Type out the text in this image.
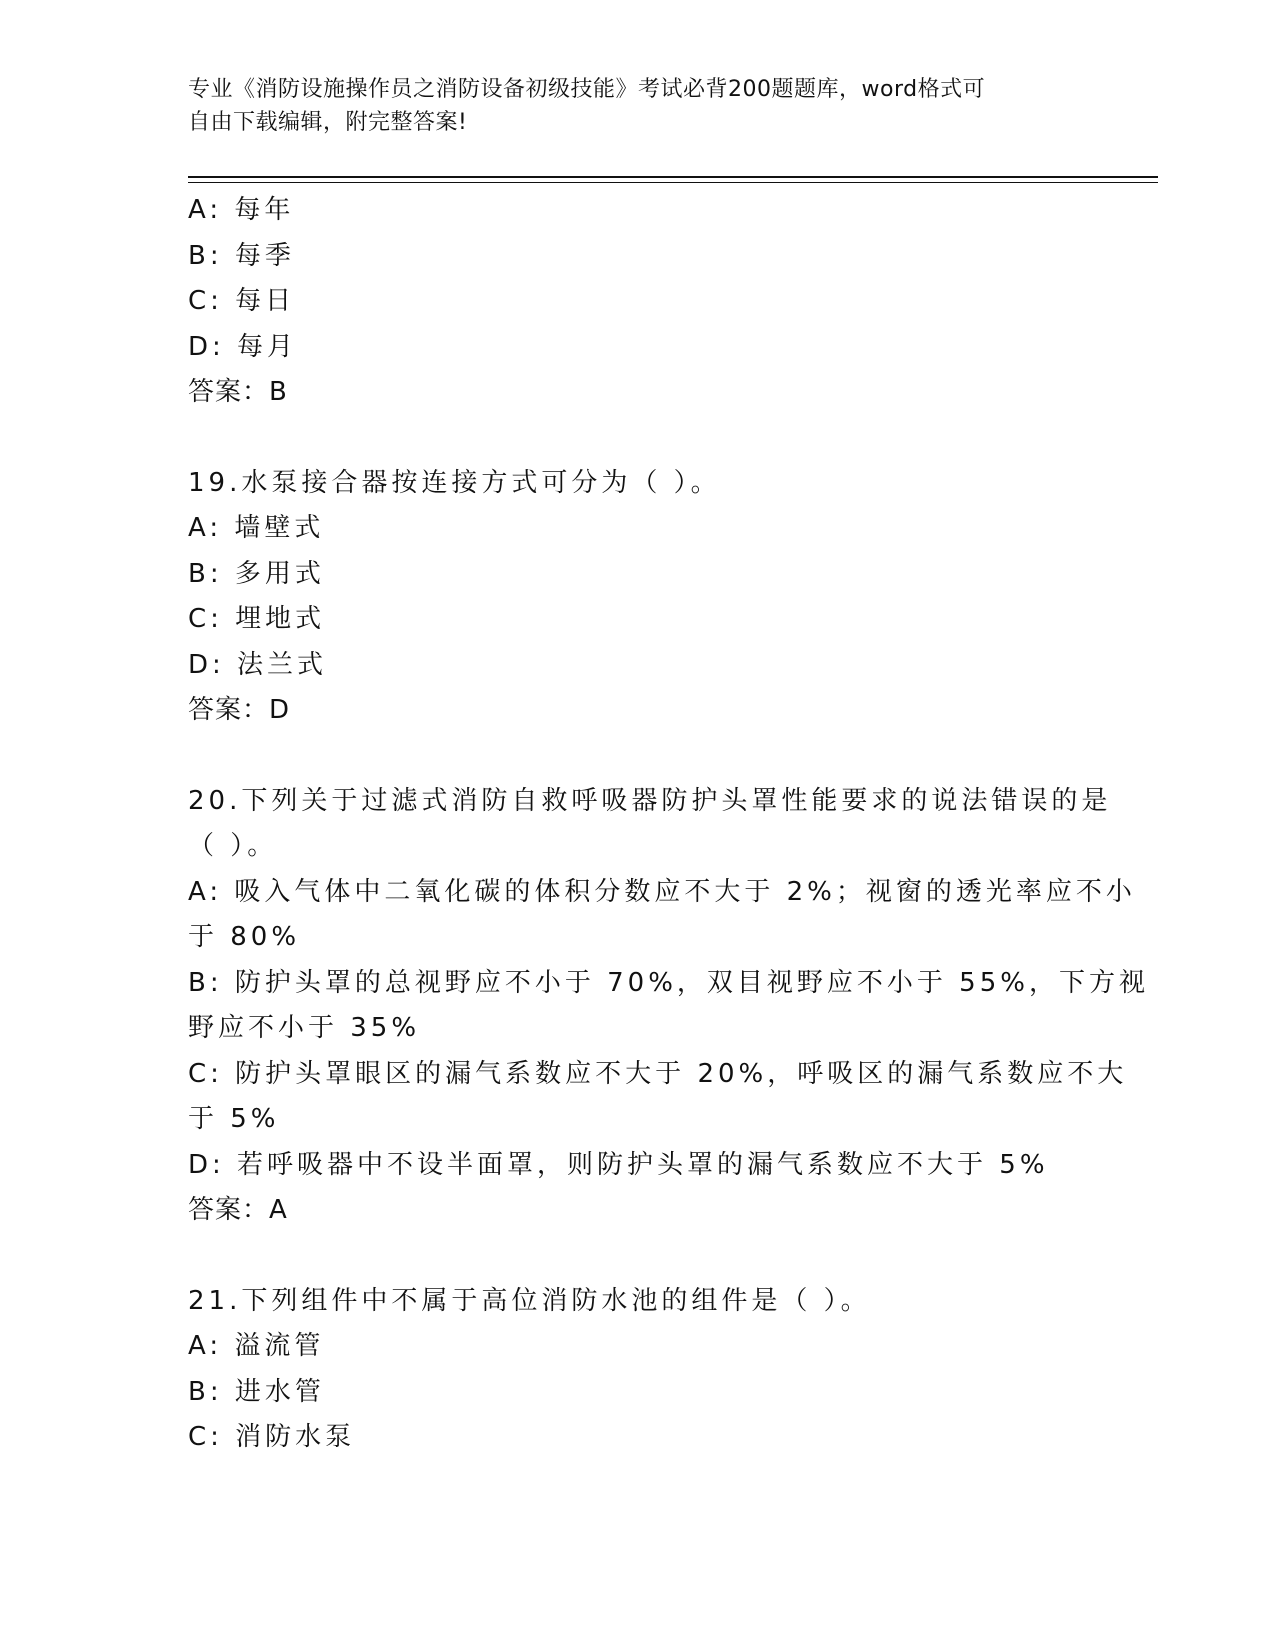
专业《消防设施操作员之消防设备初级技能》考试必背200题题库，word格式可
自由下载编辑，附完整答案!
A: 每年
B: 每季
C: 每日
D: 每月
答案：B
19.水泵接合器按连接方式可分为（ ）。
A: 墙壁式
B: 多用式
C: 埋地式
D: 法兰式
答案：D
20.下列关于过滤式消防自救呼吸器防护头罩性能要求的说法错误的是
（ ）。
A: 吸入气体中二氧化碳的体积分数应不大于 2%；视窗的透光率应不小
于 80%
B: 防护头罩的总视野应不小于 70%，双目视野应不小于 55%，下方视
野应不小于 35%
C: 防护头罩眼区的漏气系数应不大于 20%，呼吸区的漏气系数应不大
于 5%
D: 若呼吸器中不设半面罩，则防护头罩的漏气系数应不大于 5%
答案：A
21.下列组件中不属于高位消防水池的组件是（ ）。
A: 溢流管
B: 进水管
C: 消防水泵
